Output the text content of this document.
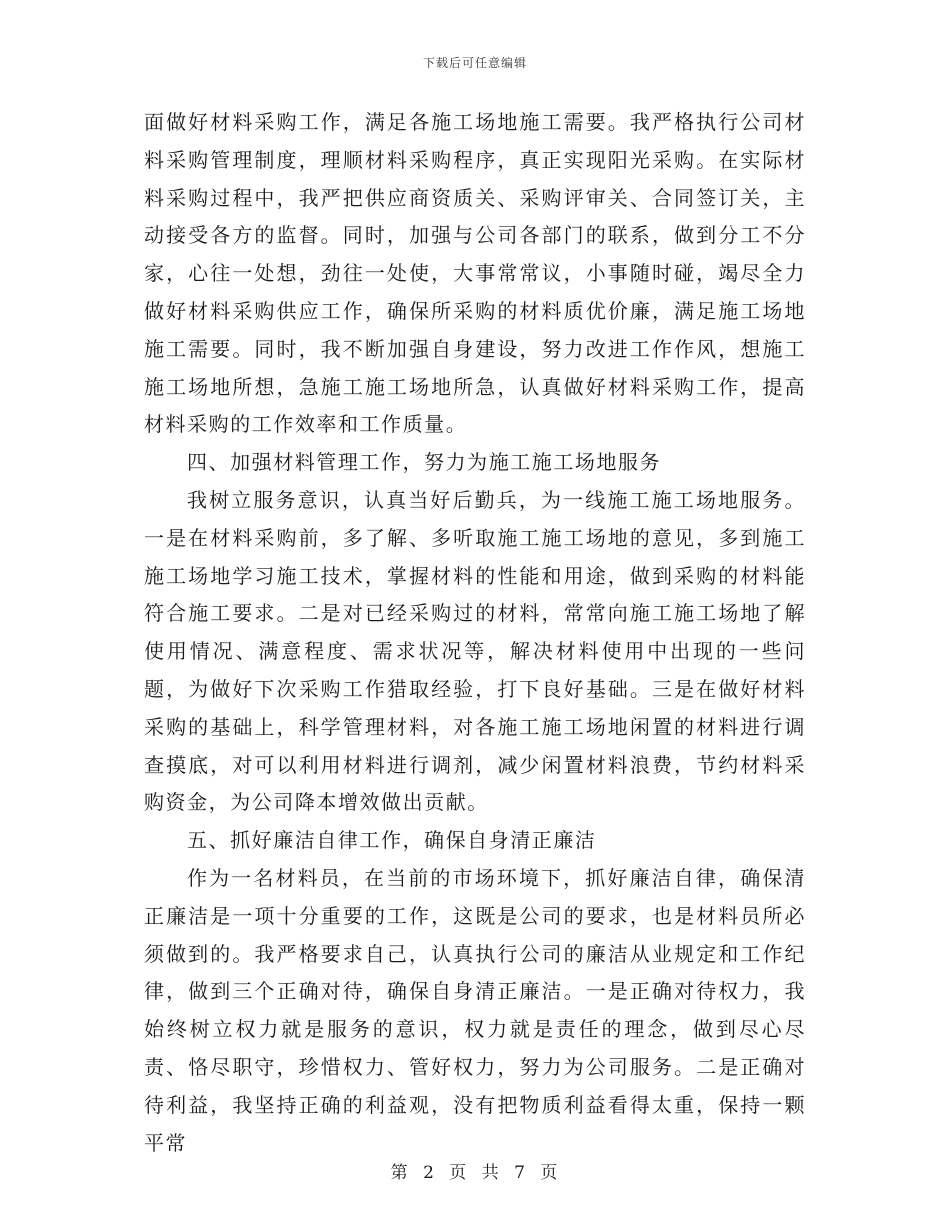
下载后可任意编辑

面做好材料采购工作，满足各施工场地施工需要。我严格执行公司材料采购管理制度，理顺材料采购程序，真正实现阳光采购。在实际材料采购过程中，我严把供应商资质关、采购评审关、合同签订关，主动接受各方的监督。同时，加强与公司各部门的联系，做到分工不分家，心往一处想，劲往一处使，大事常常议，小事随时碰，竭尽全力做好材料采购供应工作，确保所采购的材料质优价廉，满足施工场地施工需要。同时，我不断加强自身建设，努力改进工作作风，想施工施工场地所想，急施工施工场地所急，认真做好材料采购工作，提高材料采购的工作效率和工作质量。

四、加强材料管理工作，努力为施工施工场地服务

我树立服务意识，认真当好后勤兵，为一线施工施工场地服务。一是在材料采购前，多了解、多听取施工施工场地的意见，多到施工施工场地学习施工技术，掌握材料的性能和用途，做到采购的材料能符合施工要求。二是对已经采购过的材料，常常向施工施工场地了解使用情况、满意程度、需求状况等，解决材料使用中出现的一些问题，为做好下次采购工作猎取经验，打下良好基础。三是在做好材料采购的基础上，科学管理材料，对各施工施工场地闲置的材料进行调查摸底，对可以利用材料进行调剂，减少闲置材料浪费，节约材料采购资金，为公司降本增效做出贡献。

五、抓好廉洁自律工作，确保自身清正廉洁

作为一名材料员，在当前的市场环境下，抓好廉洁自律，确保清正廉洁是一项十分重要的工作，这既是公司的要求，也是材料员所必须做到的。我严格要求自己，认真执行公司的廉洁从业规定和工作纪律，做到三个正确对待，确保自身清正廉洁。一是正确对待权力，我始终树立权力就是服务的意识，权力就是责任的理念，做到尽心尽责、恪尽职守，珍惜权力、管好权力，努力为公司服务。二是正确对待利益，我坚持正确的利益观，没有把物质利益看得太重，保持一颗平常

第 2 页 共 7 页
